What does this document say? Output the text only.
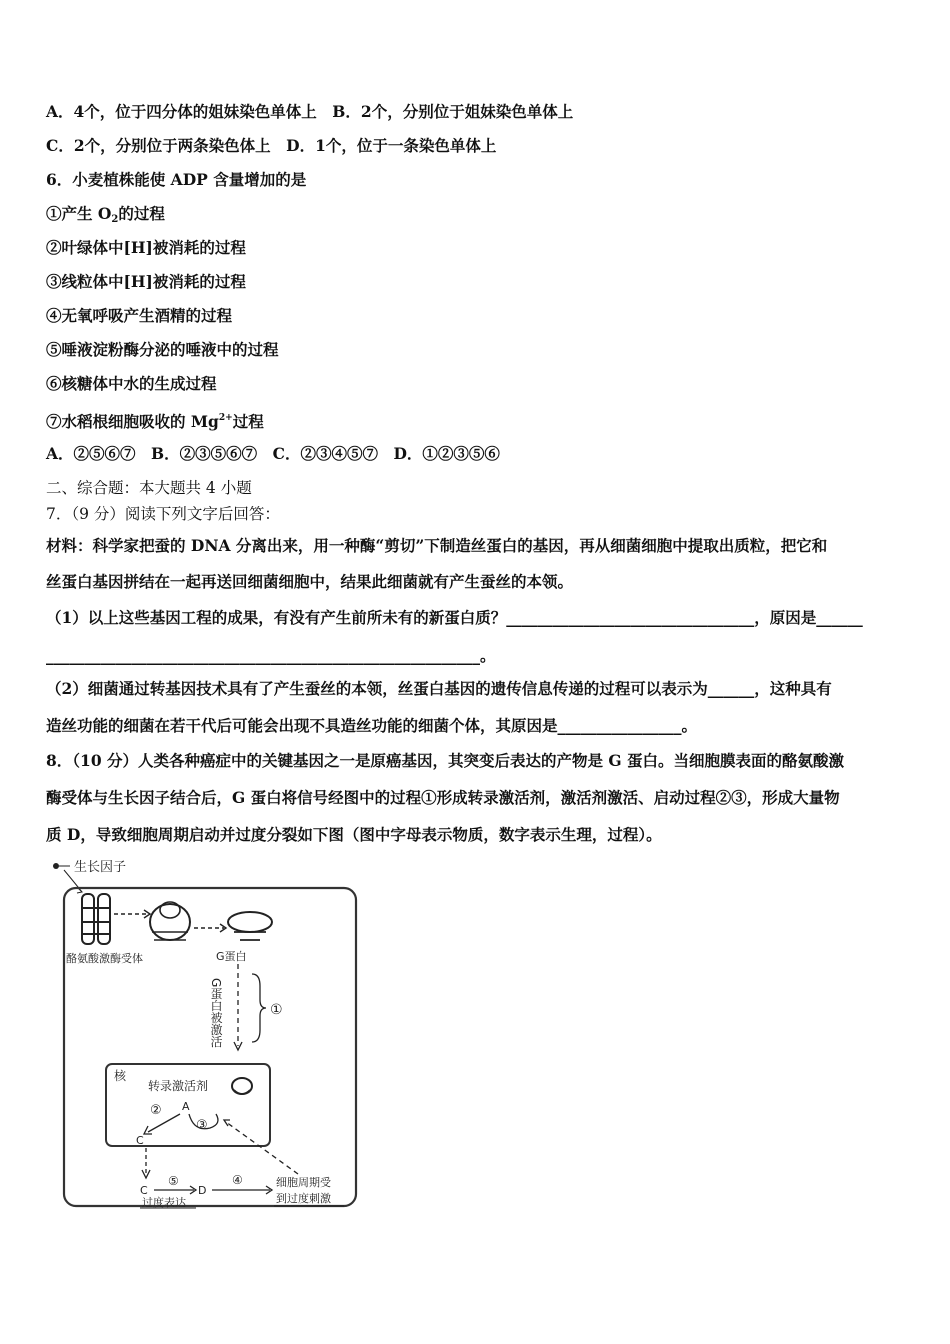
A．4个，位于四分体的姐妹染色单体上　B．2个，分别位于姐妹染色单体上
C．2个，分别位于两条染色体上　D．1个，位于一条染色单体上
6．小麦植株能使 ADP 含量增加的是
①产生 $O_2$的过程
②叶绿体中[H]被消耗的过程
③线粒体中[H]被消耗的过程
④无氧呼吸产生酒精的过程
⑤唾液淀粉酶分泌的唾液中的过程
⑥核糖体中水的生成过程
⑦水稻根细胞吸收的 $Mg^{2+}$过程
A．②⑤⑥⑦　B．②③⑤⑥⑦　C．②③④⑤⑦　D．①②③⑤⑥
二、综合题：本大题共 4 小题
7．（9 分）阅读下列文字后回答：
材料：科学家把蚕的 DNA 分离出来，用一种酶“剪切”下制造丝蛋白的基因，再从细菌细胞中提取出质粒，把它和
丝蛋白基因拼结在一起再送回细菌细胞中，结果此细菌就有产生蚕丝的本领。
（1）以上这些基因工程的成果，有没有产生前所未有的新蛋白质？________________________________，原因是______
________________________________________________________。
（2）细菌通过转基因技术具有了产生蚕丝的本领，丝蛋白基因的遗传信息传递的过程可以表示为______，这种具有
造丝功能的细菌在若干代后可能会出现不具造丝功能的细菌个体，其原因是________________。
8．（10 分）人类各种癌症中的关键基因之一是原癌基因，其突变后表达的产物是 G 蛋白。当细胞膜表面的酪氨酸激
酶受体与生长因子结合后，G 蛋白将信号经图中的过程①形成转录激活剂，激活剂激活、启动过程②③，形成大量物
质 D，导致细胞周期启动并过度分裂如下图（图中字母表示物质，数字表示生理，过程）。
生长因子
酪氨酸激酶受体	G蛋白
G蛋白被激活	①
核
转录激活剂
A
③
②
C
C
⑤
过度表达
D
④	细胞周期受
到过度刺激
